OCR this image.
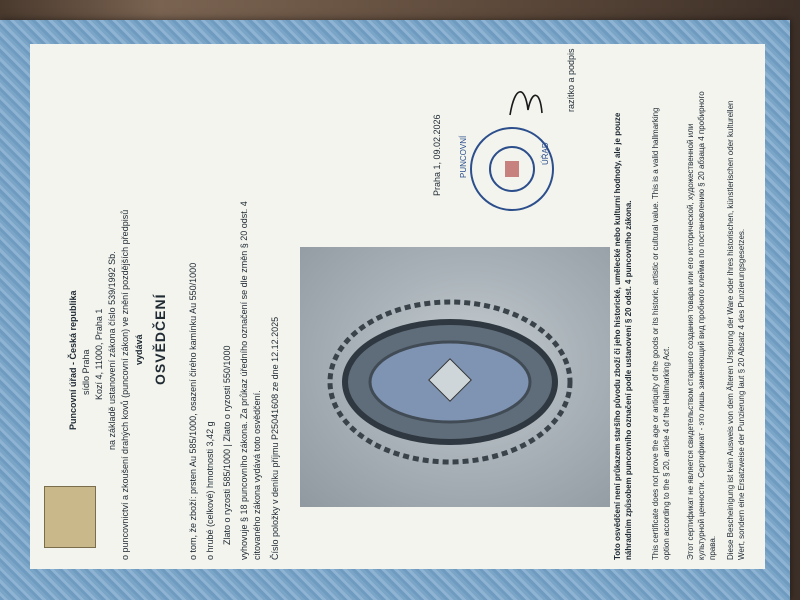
Puncovní úřad - Česká republika sídlo Praha Kozí 4, 11000, Praha 1 na základě ustanovení zákona číslo 539/1992 Sb. o puncovnictví a zkoušení drahých kovů (puncovní zákon) ve znění pozdějších předpisů vydává OSVĚDČENÍ o tom, že zboží: prsten Au 585/1000, osazení čirého kamínku Au 550/1000 o hrubé (celkové) hmotnosti 3,42 g Zlato o ryzosti 585/1000 | Zlato o ryzosti 550/1000 vyhovuje § 18 puncovního zákona. Za průkaz úředního označení se dle změn § 20 odst. 4 citovaného zákona vydává toto osvědčení. Číslo položky v deníku příjmu P25041608 ze dne 12.12.2025
PUNCOVNÍ	ÚŘAD
Praha 1, 09.02.2026
razítko a podpis
Toto osvědčení není průkazem staršího původu zboží či jeho historické, umělecké nebo kulturní hodnoty, ale je pouze náhradním způsobem puncovního označení podle ustanovení § 20 odst. 4 puncovního zákona. This certificate does not prove the age or antiquity of the goods or its historic, artistic or cultural value. This is a valid hallmarking option according to the § 20, article 4 of the Hallmarking Act. Этот сертификат не является свидетельством старшего создания товара или его исторической, художественной или культурной ценности. Сертификат - это лишь заменяющий вид пробного клейма по постановлению § 20 абзаца 4 пробирного права. Diese Bescheinigung ist kein Ausweis von dem Älteren Ursprung der Ware oder ihres historischen, künstlerischen oder kulturellen Wert, sondern eine Ersatzweise der Punzierung laut § 20 Absatz 4 des Punzierungsgesetzes.
